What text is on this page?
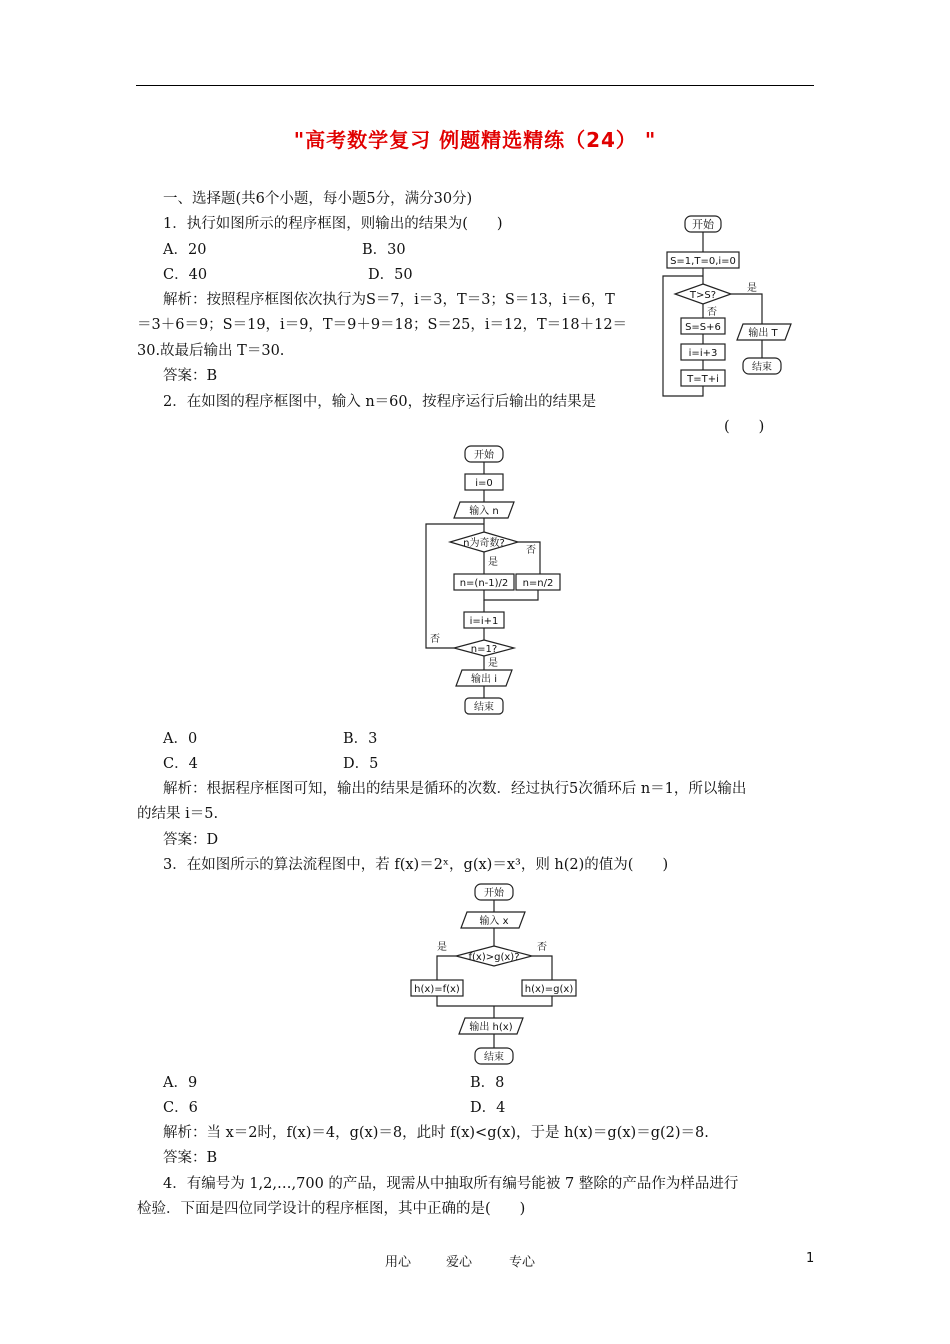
"高考数学复习 例题精选精练（24） "
一、选择题(共6个小题，每小题5分，满分30分)
1．执行如图所示的程序框图，则输出的结果为(　　)
A．20	B．30
C．40	D．50
解析：按照程序框图依次执行为S＝7，i＝3，T＝3；S＝13，i＝6，T
＝3＋6＝9；S＝19，i＝9，T＝9＋9＝18；S＝25，i＝12，T＝18＋12＝
30.故最后输出 T＝30.
答案：B
开始
S=1,T=0,i=0
T>S?
是
否
S=S+6
i=i+3
T=T+i
输出 T
结束
2．在如图的程序框图中，输入 n＝60，按程序运行后输出的结果是
(　　)
开始
i=0
输入 n
n为奇数?
否
是
n=(n-1)/2 n=n/2
i=i+1
n=1?
否
是
输出 i
结束
A．0	B．3
C．4	D．5
解析：根据程序框图可知，输出的结果是循环的次数．经过执行5次循环后 n＝1，所以输出
的结果 i＝5.
答案：D
3．在如图所示的算法流程图中，若 f(x)＝2ˣ，g(x)＝x³，则 h(2)的值为(　　)
开始
输入 x
f(x)>g(x)?
是	否
h(x)=f(x)	h(x)=g(x)
输出 h(x)
结束
A．9	B．8
C．6	D．4
解析：当 x＝2时，f(x)＝4，g(x)＝8，此时 f(x)<g(x)，于是 h(x)＝g(x)＝g(2)＝8.
答案：B
4．有编号为 1,2,…,700 的产品，现需从中抽取所有编号能被 7 整除的产品作为样品进行
检验．下面是四位同学设计的程序框图，其中正确的是(　　)
用心	爱心	专心	1
